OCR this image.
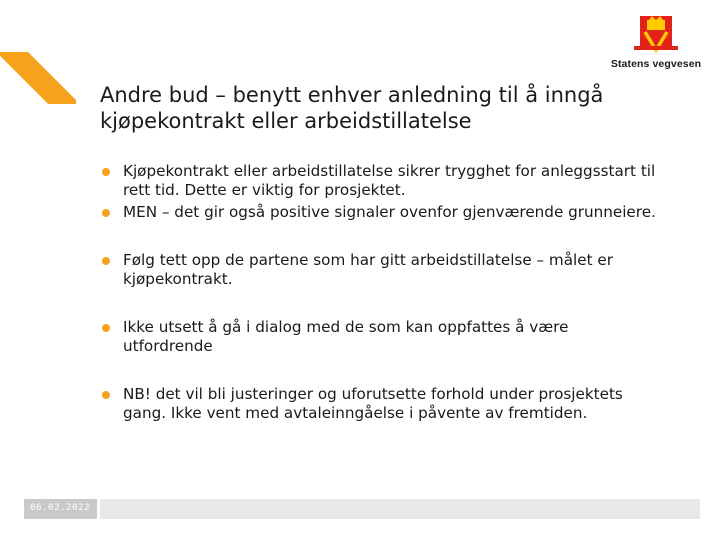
Statens vegvesen
Andre bud – benytt enhver anledning til å inngå kjøpekontrakt eller arbeidstillatelse
Kjøpekontrakt eller arbeidstillatelse sikrer trygghet for anleggsstart til rett tid. Dette er viktig for prosjektet.
MEN – det gir også positive signaler ovenfor gjenværende grunneiere.
Følg tett opp de partene som har gitt arbeidstillatelse – målet er kjøpekontrakt.
Ikke utsett å gå i dialog med de som kan oppfattes å være utfordrende
NB! det vil bli justeringer og uforutsette forhold under prosjektets gang. Ikke vent med avtaleinngåelse i påvente av fremtiden.
06.02.2022
